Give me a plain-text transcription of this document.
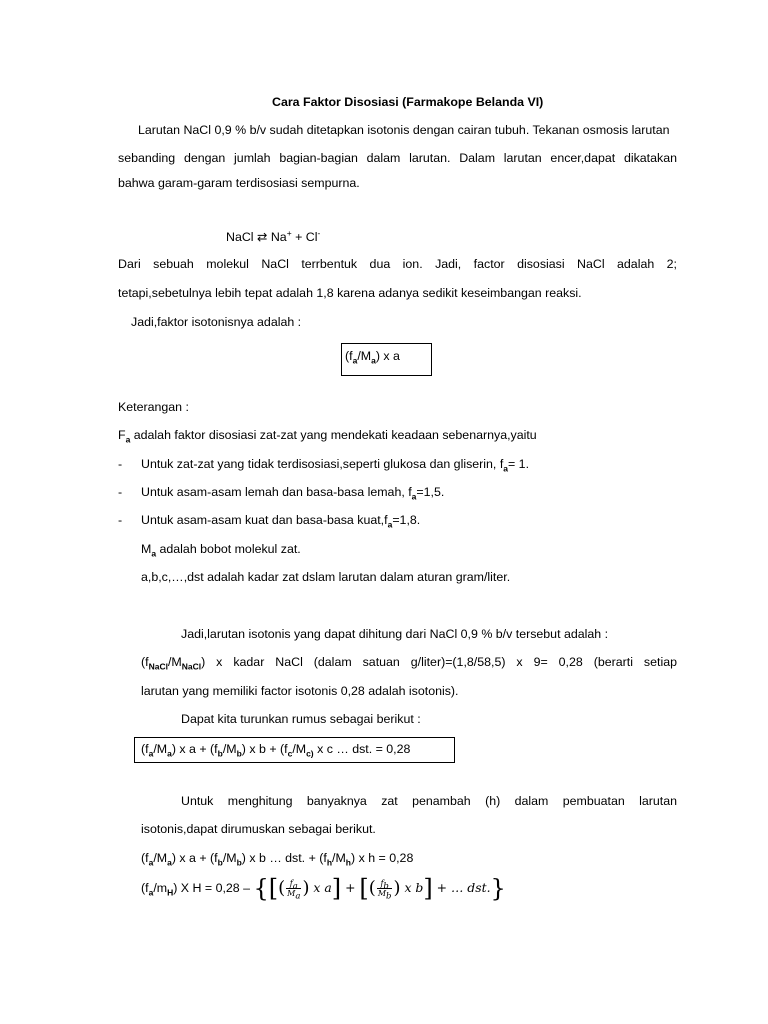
Cara Faktor Disosiasi (Farmakope Belanda VI)
Larutan NaCl 0,9 % b/v sudah ditetapkan isotonis dengan cairan tubuh. Tekanan osmosis larutan
sebanding dengan jumlah bagian-bagian dalam larutan. Dalam larutan encer,dapat dikatakan
bahwa garam-garam terdisosiasi sempurna.
NaCl ⇄ Na+ + Cl-
Dari sebuah molekul NaCl terrbentuk dua ion. Jadi, factor disosiasi NaCl adalah 2;
tetapi,sebetulnya lebih tepat adalah 1,8 karena adanya sedikit keseimbangan reaksi.
Jadi,faktor isotonisnya adalah :
$(f_a/M_a)$ x a
Keterangan :
$F_a$ adalah faktor disosiasi zat-zat yang mendekati keadaan sebenarnya,yaitu
- Untuk zat-zat yang tidak terdisosiasi,seperti glukosa dan gliserin, $f_a= 1$.
- Untuk asam-asam lemah dan basa-basa lemah, $f_a=1,5$.
- Untuk asam-asam kuat dan basa-basa $kuat,f_a=1,8$.
$M_a$ adalah bobot molekul zat.
a,b,c,…,dst adalah kadar zat dslam larutan dalam aturan gram/liter.
Jadi,larutan isotonis yang dapat dihitung dari NaCl 0,9 % b/v tersebut adalah :
$(f_{NaCl}/M_{NaCl})$ x kadar NaCl (dalam satuan g/liter)=(1,8/58,5) x 9= 0,28 (berarti setiap
larutan yang memiliki factor isotonis 0,28 adalah isotonis).
Dapat kita turunkan rumus sebagai berikut :
$(f_a/M_a)$ x $a + (f_b/M_b)$ x $b + (f_c/M_{c)}$ x c … dst. = 0,28
Untuk menghitung banyaknya zat penambah (h) dalam pembuatan larutan
isotonis,dapat dirumuskan sebagai berikut.
$(f_a/M_a)$ x $a + (f_b/M_b)$ x b … dst. + $(f_h/M_h)$ x h = 0,28
$(f_a/m_H)$ X H = 0,28 – {[( $\frac{f_a}{M_a}$ ) x a] + [( $\frac{f_b}{M_b}$ ) x b] + … dst.}
